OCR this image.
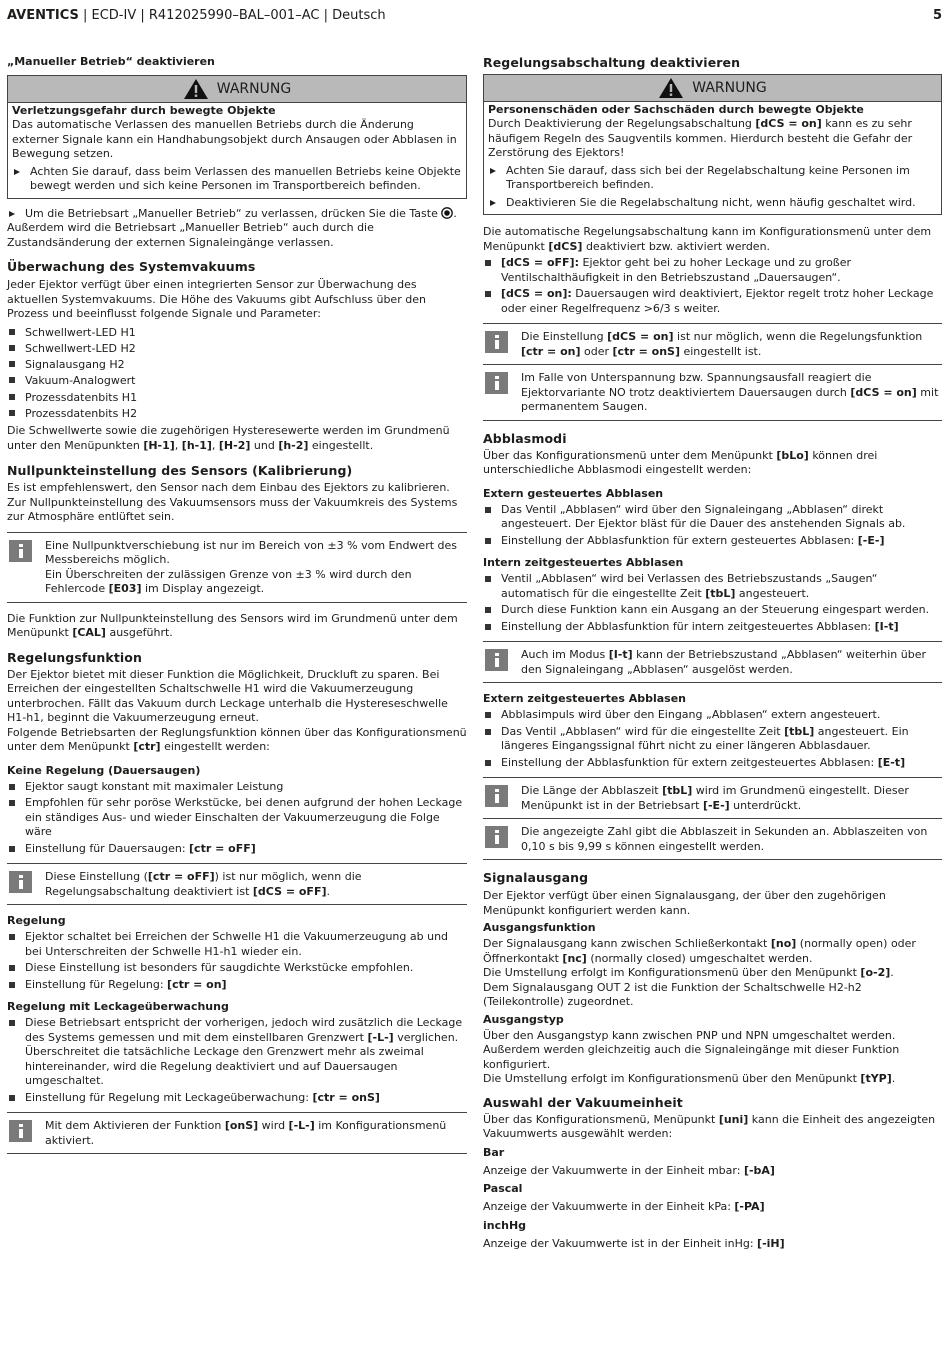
AVENTICS | ECD-IV | R412025990–BAL–001–AC | Deutsch	5

„Manueller Betrieb“ deaktivieren

WARNUNG

Verletzungsgefahr durch bewegte Objekte

Das automatische Verlassen des manuellen Betriebs durch die Änderung externer Signale kann ein Handhabungsobjekt durch Ansaugen oder Abblasen in Bewegung setzen.

Achten Sie darauf, dass beim Verlassen des manuellen Betriebs keine Objekte bewegt werden und sich keine Personen im Transportbereich befinden.

Um die Betriebsart „Manueller Betrieb“ zu verlassen, drücken Sie die Taste .

Außerdem wird die Betriebsart „Manueller Betrieb“ auch durch die Zustandsänderung der externen Signaleingänge verlassen.

Überwachung des Systemvakuums

Jeder Ejektor verfügt über einen integrierten Sensor zur Überwachung des aktuellen Systemvakuums. Die Höhe des Vakuums gibt Aufschluss über den Prozess und beeinflusst folgende Signale und Parameter:

Schwellwert-LED H1
Schwellwert-LED H2
Signalausgang H2
Vakuum-Analogwert
Prozessdatenbits H1
Prozessdatenbits H2

Die Schwellwerte sowie die zugehörigen Hysteresewerte werden im Grundmenü unter den Menüpunkten [H-1], [h-1], [H-2] und [h-2] eingestellt.

Nullpunkteinstellung des Sensors (Kalibrierung)

Es ist empfehlenswert, den Sensor nach dem Einbau des Ejektors zu kalibrieren. Zur Nullpunkteinstellung des Vakuumsensors muss der Vakuumkreis des Systems zur Atmosphäre entlüftet sein.

Eine Nullpunktverschiebung ist nur im Bereich von ±3 % vom Endwert des Messbereichs möglich.

Ein Überschreiten der zulässigen Grenze von ±3 % wird durch den Fehlercode [E03] im Display angezeigt.

Die Funktion zur Nullpunkteinstellung des Sensors wird im Grundmenü unter dem Menüpunkt [CAL] ausgeführt.

Regelungsfunktion

Der Ejektor bietet mit dieser Funktion die Möglichkeit, Druckluft zu sparen. Bei Erreichen der eingestellten Schaltschwelle H1 wird die Vakuumerzeugung unterbrochen. Fällt das Vakuum durch Leckage unterhalb die Hystereseschwelle H1-h1, beginnt die Vakuumerzeugung erneut.

Folgende Betriebsarten der Reglungsfunktion können über das Konfigurationsmenü unter dem Menüpunkt [ctr] eingestellt werden:

Keine Regelung (Dauersaugen)

Ejektor saugt konstant mit maximaler Leistung
Empfohlen für sehr poröse Werkstücke, bei denen aufgrund der hohen Leckage ein ständiges Aus- und wieder Einschalten der Vakuumerzeugung die Folge wäre
Einstellung für Dauersaugen: [ctr = oFF]

Diese Einstellung ([ctr = oFF]) ist nur möglich, wenn die Regelungsabschaltung deaktiviert ist [dCS = oFF].

Regelung

Ejektor schaltet bei Erreichen der Schwelle H1 die Vakuumerzeugung ab und bei Unterschreiten der Schwelle H1-h1 wieder ein.
Diese Einstellung ist besonders für saugdichte Werkstücke empfohlen.
Einstellung für Regelung: [ctr = on]

Regelung mit Leckageüberwachung

Diese Betriebsart entspricht der vorherigen, jedoch wird zusätzlich die Leckage des Systems gemessen und mit dem einstellbaren Grenzwert [-L-] verglichen. Überschreitet die tatsächliche Leckage den Grenzwert mehr als zweimal hintereinander, wird die Regelung deaktiviert und auf Dauersaugen umgeschaltet.
Einstellung für Regelung mit Leckageüberwachung: [ctr = onS]

Mit dem Aktivieren der Funktion [onS] wird [-L-] im Konfigurationsmenü aktiviert.

Regelungsabschaltung deaktivieren

WARNUNG

Personenschäden oder Sachschäden durch bewegte Objekte

Durch Deaktivierung der Regelungsabschaltung [dCS = on] kann es zu sehr häufigem Regeln des Saugventils kommen. Hierdurch besteht die Gefahr der Zerstörung des Ejektors!

Achten Sie darauf, dass sich bei der Regelabschaltung keine Personen im Transportbereich befinden.

Deaktivieren Sie die Regelabschaltung nicht, wenn häufig geschaltet wird.

Die automatische Regelungsabschaltung kann im Konfigurationsmenü unter dem Menüpunkt [dCS] deaktiviert bzw. aktiviert werden.

[dCS = oFF]: Ejektor geht bei zu hoher Leckage und zu großer Ventilschalthäufigkeit in den Betriebszustand „Dauersaugen“.
[dCS = on]: Dauersaugen wird deaktiviert, Ejektor regelt trotz hoher Leckage oder einer Regelfrequenz >6/3 s weiter.

Die Einstellung [dCS = on] ist nur möglich, wenn die Regelungsfunktion [ctr = on] oder [ctr = onS] eingestellt ist.

Im Falle von Unterspannung bzw. Spannungsausfall reagiert die Ejektorvariante NO trotz deaktiviertem Dauersaugen durch [dCS = on] mit permanentem Saugen.

Abblasmodi

Über das Konfigurationsmenü unter dem Menüpunkt [bLo] können drei unterschiedliche Abblasmodi eingestellt werden:

Extern gesteuertes Abblasen

Das Ventil „Abblasen“ wird über den Signaleingang „Abblasen“ direkt angesteuert. Der Ejektor bläst für die Dauer des anstehenden Signals ab.
Einstellung der Abblasfunktion für extern gesteuertes Abblasen: [-E-]

Intern zeitgesteuertes Abblasen

Ventil „Abblasen“ wird bei Verlassen des Betriebszustands „Saugen“ automatisch für die eingestellte Zeit [tbL] angesteuert.
Durch diese Funktion kann ein Ausgang an der Steuerung eingespart werden.
Einstellung der Abblasfunktion für intern zeitgesteuertes Abblasen: [I-t]

Auch im Modus [I-t] kann der Betriebszustand „Abblasen“ weiterhin über den Signaleingang „Abblasen“ ausgelöst werden.

Extern zeitgesteuertes Abblasen

Abblasimpuls wird über den Eingang „Abblasen“ extern angesteuert.
Das Ventil „Abblasen“ wird für die eingestellte Zeit [tbL] angesteuert. Ein längeres Eingangssignal führt nicht zu einer längeren Abblasdauer.
Einstellung der Abblasfunktion für extern zeitgesteuertes Abblasen: [E-t]

Die Länge der Abblaszeit [tbL] wird im Grundmenü eingestellt. Dieser Menüpunkt ist in der Betriebsart [-E-] unterdrückt.

Die angezeigte Zahl gibt die Abblaszeit in Sekunden an. Abblaszeiten von 0,10 s bis 9,99 s können eingestellt werden.

Signalausgang

Der Ejektor verfügt über einen Signalausgang, der über den zugehörigen Menüpunkt konfiguriert werden kann.

Ausgangsfunktion

Der Signalausgang kann zwischen Schließerkontakt [no] (normally open) oder Öffnerkontakt [nc] (normally closed) umgeschaltet werden.

Die Umstellung erfolgt im Konfigurationsmenü über den Menüpunkt [o-2].

Dem Signalausgang OUT 2 ist die Funktion der Schaltschwelle H2-h2 (Teilekontrolle) zugeordnet.

Ausgangstyp

Über den Ausgangstyp kann zwischen PNP und NPN umgeschaltet werden.

Außerdem werden gleichzeitig auch die Signaleingänge mit dieser Funktion konfiguriert.

Die Umstellung erfolgt im Konfigurationsmenü über den Menüpunkt [tYP].

Auswahl der Vakuumeinheit

Über das Konfigurationsmenü, Menüpunkt [uni] kann die Einheit des angezeigten Vakuumwerts ausgewählt werden:

Bar

Anzeige der Vakuumwerte in der Einheit mbar: [-bA]

Pascal

Anzeige der Vakuumwerte in der Einheit kPa: [-PA]

inchHg

Anzeige der Vakuumwerte ist in der Einheit inHg: [-iH]
